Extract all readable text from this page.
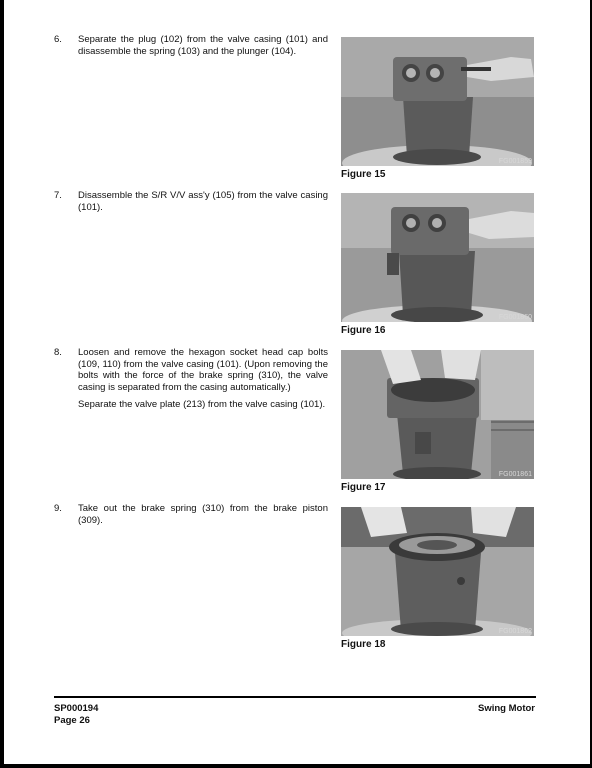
6.	Separate the plug (102) from the valve casing (101) and disassemble the spring (103) and the plunger (104).

7.	Disassemble the S/R V/V ass'y (105) from the valve casing (101).

8.	Loosen and remove the hexagon socket head cap bolts (109, 110) from the valve casing (101). (Upon removing the bolts with the force of the brake spring (310), the valve casing is separated from the casing automatically.)

Separate the valve plate (213) from the valve casing (101).

9.	Take out the brake spring (310) from the brake piston (309).

FG001859
Figure 15
FG001860
Figure 16
FG001861
Figure 17
FG001862
Figure 18
SP000194
Page 26
Swing Motor
